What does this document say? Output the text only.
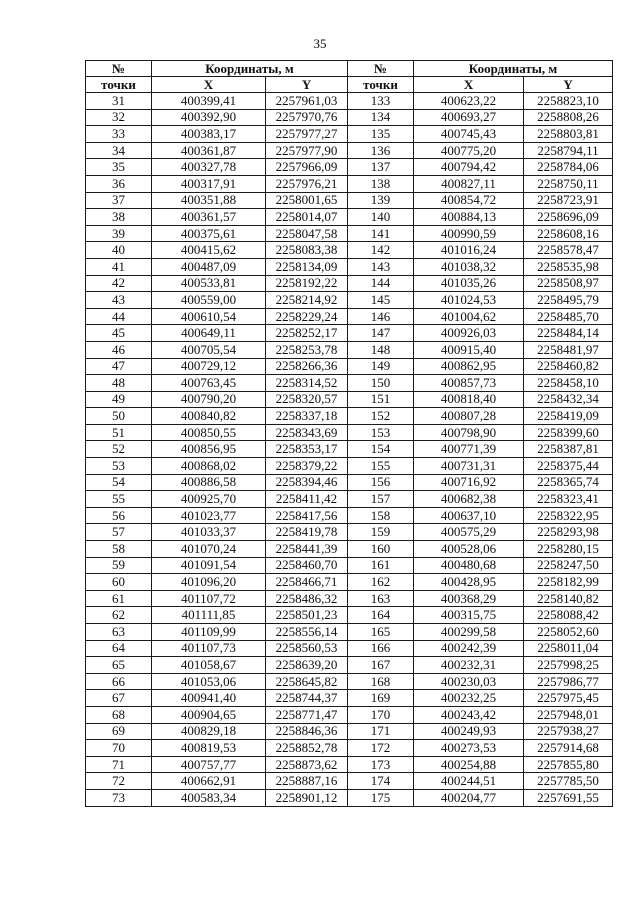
35
№	Координаты, м		№	Координаты, м	
точки	X	Y	точки	X	Y
31	400399,41	2257961,03	133	400623,22	2258823,10
32	400392,90	2257970,76	134	400693,27	2258808,26
33	400383,17	2257977,27	135	400745,43	2258803,81
34	400361,87	2257977,90	136	400775,20	2258794,11
35	400327,78	2257966,09	137	400794,42	2258784,06
36	400317,91	2257976,21	138	400827,11	2258750,11
37	400351,88	2258001,65	139	400854,72	2258723,91
38	400361,57	2258014,07	140	400884,13	2258696,09
39	400375,61	2258047,58	141	400990,59	2258608,16
40	400415,62	2258083,38	142	401016,24	2258578,47
41	400487,09	2258134,09	143	401038,32	2258535,98
42	400533,81	2258192,22	144	401035,26	2258508,97
43	400559,00	2258214,92	145	401024,53	2258495,79
44	400610,54	2258229,24	146	401004,62	2258485,70
45	400649,11	2258252,17	147	400926,03	2258484,14
46	400705,54	2258253,78	148	400915,40	2258481,97
47	400729,12	2258266,36	149	400862,95	2258460,82
48	400763,45	2258314,52	150	400857,73	2258458,10
49	400790,20	2258320,57	151	400818,40	2258432,34
50	400840,82	2258337,18	152	400807,28	2258419,09
51	400850,55	2258343,69	153	400798,90	2258399,60
52	400856,95	2258353,17	154	400771,39	2258387,81
53	400868,02	2258379,22	155	400731,31	2258375,44
54	400886,58	2258394,46	156	400716,92	2258365,74
55	400925,70	2258411,42	157	400682,38	2258323,41
56	401023,77	2258417,56	158	400637,10	2258322,95
57	401033,37	2258419,78	159	400575,29	2258293,98
58	401070,24	2258441,39	160	400528,06	2258280,15
59	401091,54	2258460,70	161	400480,68	2258247,50
60	401096,20	2258466,71	162	400428,95	2258182,99
61	401107,72	2258486,32	163	400368,29	2258140,82
62	401111,85	2258501,23	164	400315,75	2258088,42
63	401109,99	2258556,14	165	400299,58	2258052,60
64	401107,73	2258560,53	166	400242,39	2258011,04
65	401058,67	2258639,20	167	400232,31	2257998,25
66	401053,06	2258645,82	168	400230,03	2257986,77
67	400941,40	2258744,37	169	400232,25	2257975,45
68	400904,65	2258771,47	170	400243,42	2257948,01
69	400829,18	2258846,36	171	400249,93	2257938,27
70	400819,53	2258852,78	172	400273,53	2257914,68
71	400757,77	2258873,62	173	400254,88	2257855,80
72	400662,91	2258887,16	174	400244,51	2257785,50
73	400583,34	2258901,12	175	400204,77	2257691,55
